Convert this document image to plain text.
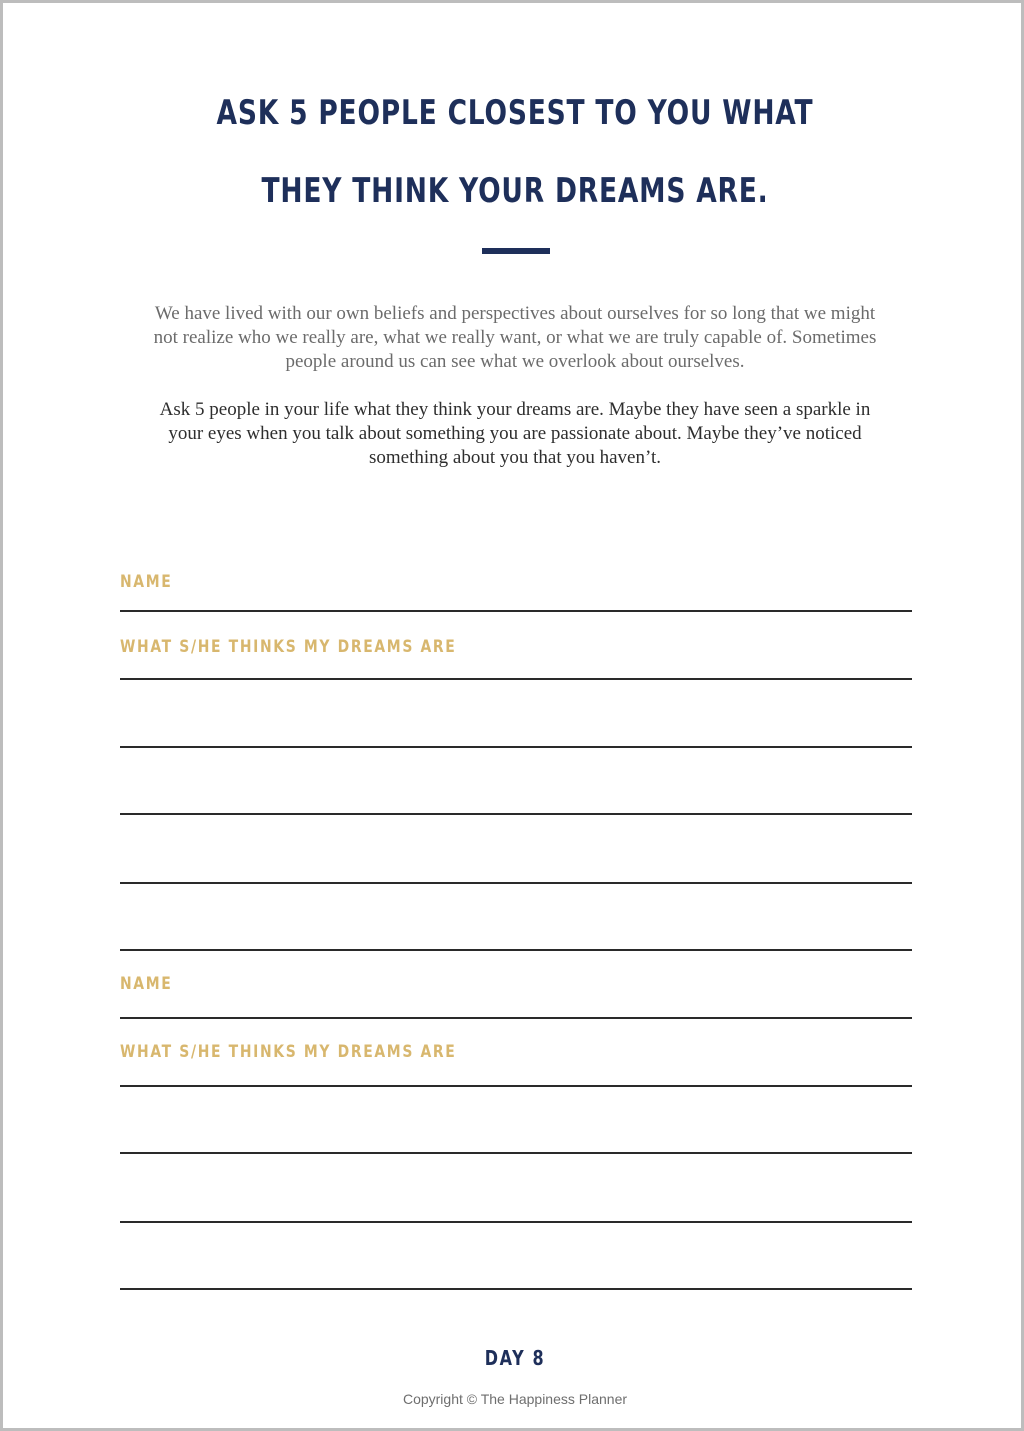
ASK 5 PEOPLE CLOSEST TO YOU WHAT
THEY THINK YOUR DREAMS ARE.

We have lived with our own beliefs and perspectives about ourselves for so long that we might not realize who we really are, what we really want, or what we are truly capable of. Sometimes people around us can see what we overlook about ourselves.

Ask 5 people in your life what they think your dreams are. Maybe they have seen a sparkle in your eyes when you talk about something you are passionate about. Maybe they’ve noticed something about you that you haven’t.

NAME
WHAT S/HE THINKS MY DREAMS ARE
NAME
WHAT S/HE THINKS MY DREAMS ARE
DAY 8
Copyright © The Happiness Planner
